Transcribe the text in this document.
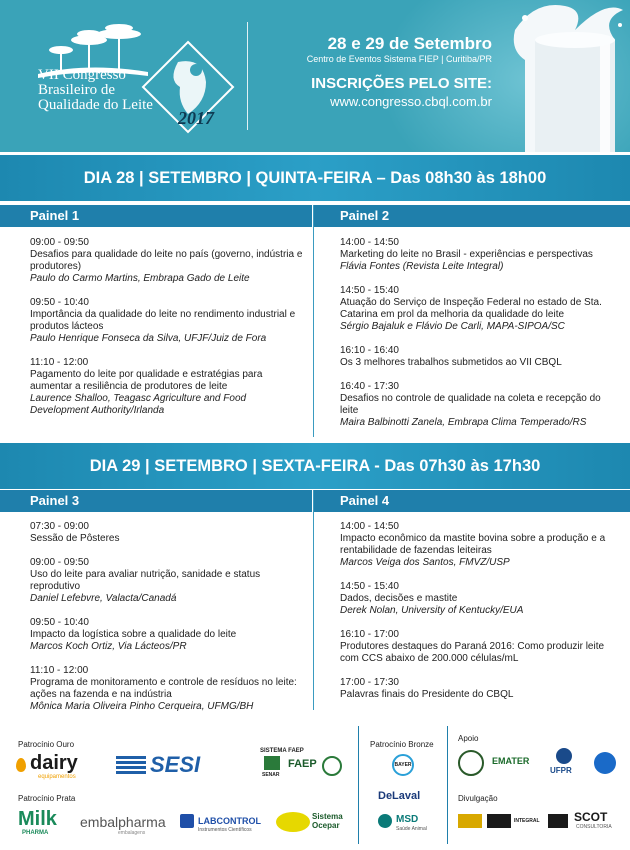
VII Congresso
Brasileiro de
Qualidade do Leite
2017
28 e 29 de Setembro
Centro de Eventos Sistema FIEP | Curitiba/PR
INSCRIÇÕES PELO SITE:
www.congresso.cbql.com.br
DIA 28 | SETEMBRO | QUINTA-FEIRA – Das 08h30 às 18h00
Painel 1	Painel 2
09:00 - 09:50
Desafios para qualidade do leite no país (governo, indústria e produtores)
Paulo do Carmo Martins, Embrapa Gado de Leite
09:50 - 10:40
Importância da qualidade do leite no rendimento industrial e produtos lácteos
Paulo Henrique Fonseca da Silva, UFJF/Juiz de Fora
11:10 - 12:00
Pagamento do leite por qualidade e estratégias para aumentar a resiliência de produtores de leite
Laurence Shalloo, Teagasc Agriculture and Food Development Authority/Irlanda
14:00 - 14:50
Marketing do leite no Brasil - experiências e perspectivas
Flávia Fontes (Revista Leite Integral)
14:50 - 15:40
Atuação do Serviço de Inspeção Federal no estado de Sta. Catarina em prol da melhoria da qualidade do leite
Sérgio Bajaluk e Flávio De Carli, MAPA-SIPOA/SC
16:10 - 16:40
Os 3 melhores trabalhos submetidos ao VII CBQL
16:40 - 17:30
Desafios no controle de qualidade na coleta e recepção do leite
Maira Balbinotti Zanela, Embrapa Clima Temperado/RS
DIA 29 | SETEMBRO | SEXTA-FEIRA - Das 07h30 às 17h30
Painel 3	Painel 4
07:30 - 09:00
Sessão de Pôsteres
09:00 - 09:50
Uso do leite para avaliar nutrição, sanidade e status reprodutivo
Daniel Lefebvre, Valacta/Canadá
09:50 - 10:40
Impacto da logística sobre a qualidade do leite
Marcos Koch Ortiz, Via Lácteos/PR
11:10 - 12:00
Programa de monitoramento e controle de resíduos no leite: ações na fazenda e na indústria
Mônica Maria Oliveira Pinho Cerqueira, UFMG/BH
14:00 - 14:50
Impacto econômico da mastite bovina sobre a produção e a rentabilidade de fazendas leiteiras
Marcos Veiga dos Santos, FMVZ/USP
14:50 - 15:40
Dados, decisões e mastite
Derek Nolan, University of Kentucky/EUA
16:10 - 17:00
Produtores destaques do Paraná 2016: Como produzir leite com CCS abaixo de 200.000 células/mL
17:00 - 17:30
Palavras finais do Presidente do CBQL
Patrocínio Ouro
Patrocínio Prata
Patrocínio Bronze
Apoio
Divulgação
dairy
equipamentos	SESI
SISTEMA FAEP
SENAR
FAEP
Milk
PHARMA
embalpharma
embalagens
LABCONTROL
Instrumentos Científicos
Sistema Ocepar
BAYER
DeLaval
MSD
Saúde Animal
EMATER
UFPR
INTEGRAL	SCOT
CONSULTORIA
